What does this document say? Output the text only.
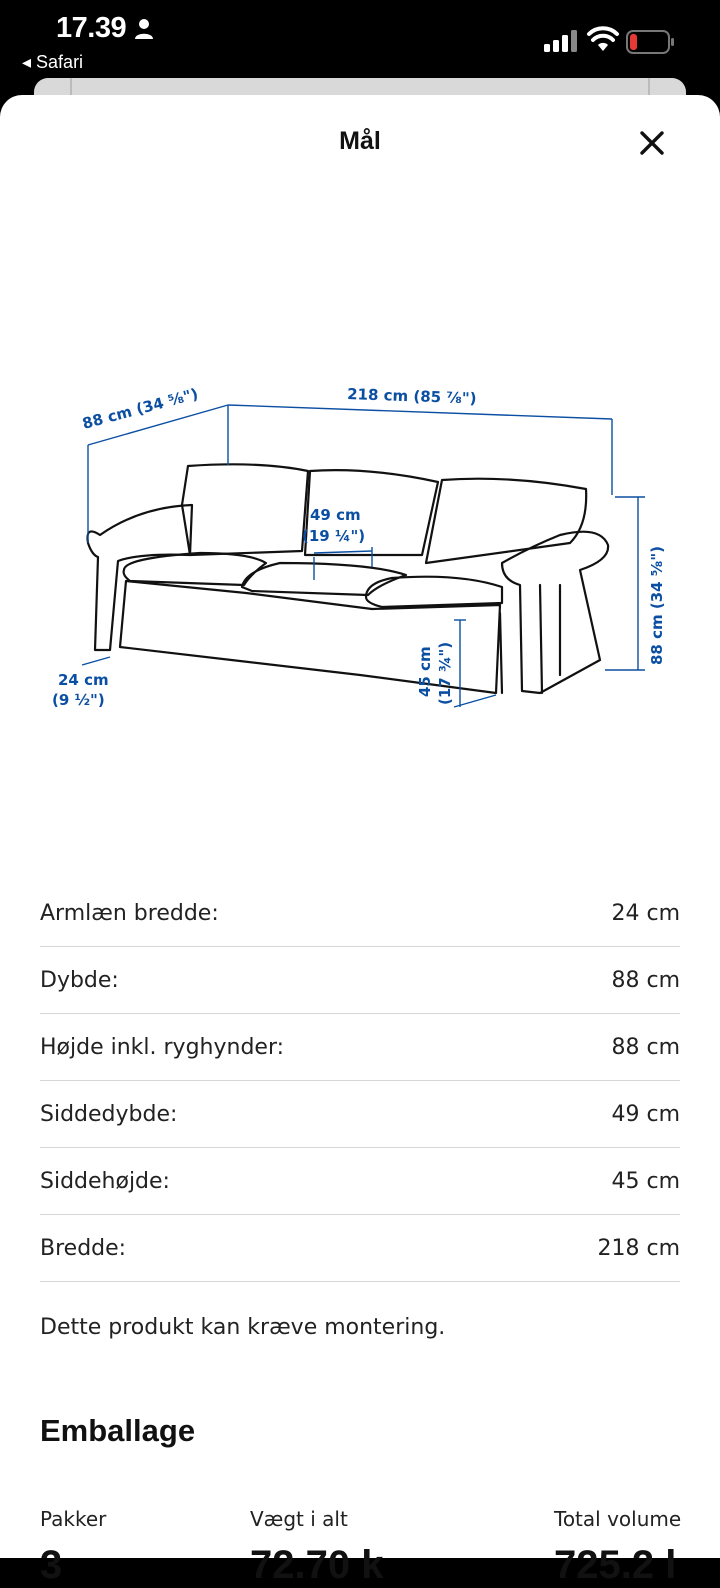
17.39
◂ Safari
Mål
88 cm (34 ⅝")	218 cm (85 ⅞")
49 cm
(19 ¼")
88 cm (34 ⅝")
45 cm (17 ¾")
24 cm
(9 ½")
Armlæn bredde:	24 cm
Dybde:	88 cm
Højde inkl. ryghynder:	88 cm
Siddedybde:	49 cm
Siddehøjde:	45 cm
Bredde:	218 cm
Dette produkt kan kræve montering.
Emballage
Pakker	Vægt i alt	Total volume
3	72.70 k	725.2 l
